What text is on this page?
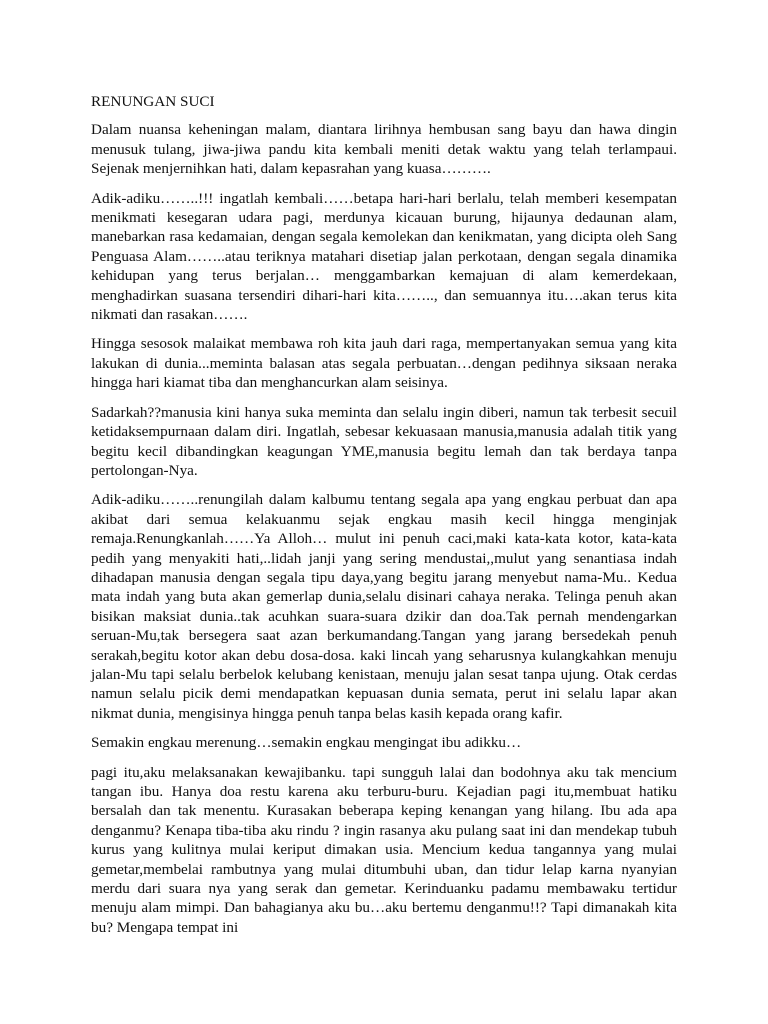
RENUNGAN SUCI

Dalam nuansa keheningan malam, diantara lirihnya hembusan sang bayu dan hawa dingin menusuk tulang, jiwa-jiwa pandu kita kembali meniti detak waktu yang telah terlampaui. Sejenak menjernihkan hati, dalam kepasrahan yang kuasa……….

Adik-adiku……..!!! ingatlah kembali……betapa hari-hari berlalu, telah memberi kesempatan menikmati kesegaran udara pagi, merdunya kicauan burung, hijaunya dedaunan alam, manebarkan rasa kedamaian, dengan segala kemolekan dan kenikmatan, yang dicipta oleh Sang Penguasa Alam……..atau teriknya matahari disetiap jalan perkotaan, dengan segala dinamika kehidupan yang terus berjalan… menggambarkan kemajuan di alam kemerdekaan, menghadirkan suasana tersendiri dihari-hari kita…….., dan semuannya itu….akan terus kita nikmati dan rasakan…….

Hingga sesosok malaikat membawa roh kita jauh dari raga, mempertanyakan semua yang kita lakukan di dunia...meminta balasan atas segala perbuatan…dengan pedihnya siksaan neraka hingga hari kiamat tiba dan menghancurkan alam seisinya.

Sadarkah??manusia kini hanya suka meminta dan selalu ingin diberi, namun tak terbesit secuil ketidaksempurnaan dalam diri. Ingatlah, sebesar kekuasaan manusia,manusia adalah titik yang begitu kecil dibandingkan keagungan YME,manusia begitu lemah dan tak berdaya tanpa pertolongan-Nya.

Adik-adiku……..renungilah dalam kalbumu tentang segala apa yang engkau perbuat dan apa akibat dari semua kelakuanmu sejak engkau masih kecil hingga menginjak remaja.Renungkanlah……Ya Alloh… mulut ini penuh caci,maki kata-kata kotor, kata-kata pedih yang menyakiti hati,..lidah janji yang sering mendustai,,mulut yang senantiasa indah dihadapan manusia dengan segala tipu daya,yang begitu jarang menyebut nama-Mu.. Kedua mata indah yang buta akan gemerlap dunia,selalu disinari cahaya neraka. Telinga penuh akan bisikan maksiat dunia..tak acuhkan suara-suara dzikir dan doa.Tak pernah mendengarkan seruan-Mu,tak bersegera saat azan berkumandang.Tangan yang jarang bersedekah penuh serakah,begitu kotor akan debu dosa-dosa. kaki lincah yang seharusnya kulangkahkan menuju jalan-Mu tapi selalu berbelok kelubang kenistaan, menuju jalan sesat tanpa ujung. Otak cerdas namun selalu picik demi mendapatkan kepuasan dunia semata, perut ini selalu lapar akan nikmat dunia, mengisinya hingga penuh tanpa belas kasih kepada orang kafir.

Semakin engkau merenung…semakin engkau mengingat ibu adikku…

pagi itu,aku melaksanakan kewajibanku. tapi sungguh lalai dan bodohnya aku tak mencium tangan ibu. Hanya doa restu karena aku terburu-buru. Kejadian pagi itu,membuat hatiku bersalah dan tak menentu. Kurasakan beberapa keping kenangan yang hilang. Ibu ada apa denganmu? Kenapa tiba-tiba aku rindu ? ingin rasanya aku pulang saat ini dan mendekap tubuh kurus yang kulitnya mulai keriput dimakan usia. Mencium kedua tangannya yang mulai gemetar,membelai rambutnya yang mulai ditumbuhi uban, dan tidur lelap karna nyanyian merdu dari suara nya yang serak dan gemetar. Kerinduanku padamu membawaku tertidur menuju alam mimpi. Dan bahagianya aku bu…aku bertemu denganmu!!? Tapi dimanakah kita bu? Mengapa tempat ini
